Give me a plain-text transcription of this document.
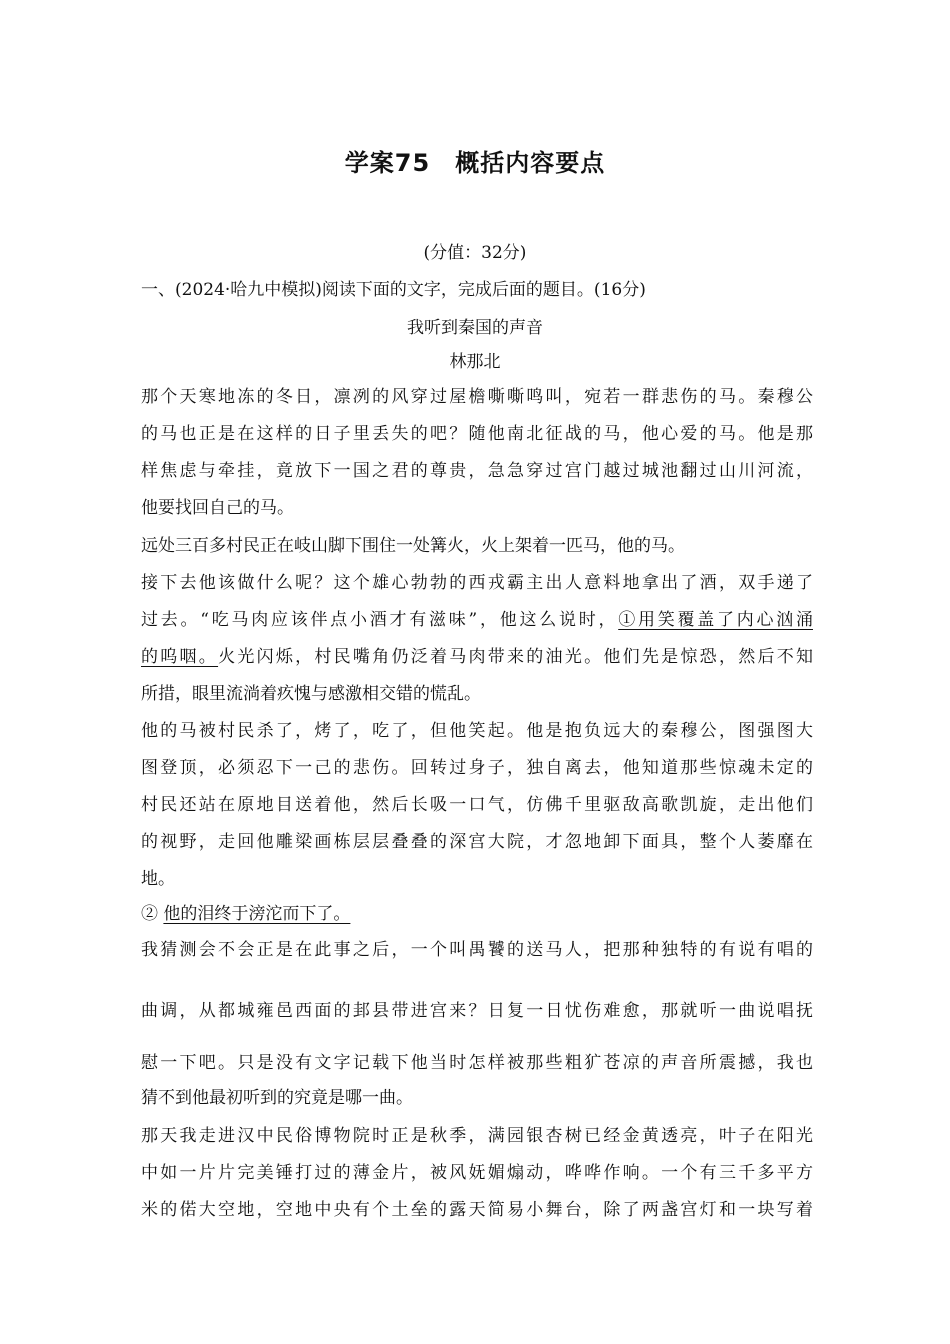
学案75　概括内容要点
(分值：32分)
一、(2024·哈九中模拟)阅读下面的文字，完成后面的题目。(16分)
我听到秦国的声音
林那北
那个天寒地冻的冬日，凛冽的风穿过屋檐嘶嘶鸣叫，宛若一群悲伤的马。秦穆公
的马也正是在这样的日子里丢失的吧？随他南北征战的马，他心爱的马。他是那
样焦虑与牵挂，竟放下一国之君的尊贵，急急穿过宫门越过城池翻过山川河流，
他要找回自己的马。
远处三百多村民正在岐山脚下围住一处篝火，火上架着一匹马，他的马。
接下去他该做什么呢？这个雄心勃勃的西戎霸主出人意料地拿出了酒，双手递了
过去。“吃马肉应该伴点小酒才有滋味”，他这么说时，①用笑覆盖了内心汹涌
的呜咽。火光闪烁，村民嘴角仍泛着马肉带来的油光。他们先是惊恐，然后不知
所措，眼里流淌着疚愧与感激相交错的慌乱。
他的马被村民杀了，烤了，吃了，但他笑起。他是抱负远大的秦穆公，图强图大
图登顶，必须忍下一己的悲伤。回转过身子，独自离去，他知道那些惊魂未定的
村民还站在原地目送着他，然后长吸一口气，仿佛千里驱敌高歌凯旋，走出他们
的视野，走回他雕梁画栋层层叠叠的深宫大院，才忽地卸下面具，整个人萎靡在
地。
② 他的泪终于滂沱而下了。
我猜测会不会正是在此事之后，一个叫禺饕的送马人，把那种独特的有说有唱的
曲调，从都城雍邑西面的邽县带进宫来？日复一日忧伤难愈，那就听一曲说唱抚
慰一下吧。只是没有文字记载下他当时怎样被那些粗犷苍凉的声音所震撼，我也
猜不到他最初听到的究竟是哪一曲。
那天我走进汉中民俗博物院时正是秋季，满园银杏树已经金黄透亮，叶子在阳光
中如一片片完美锤打过的薄金片，被风妩媚煽动，哗哗作响。一个有三千多平方
米的偌大空地，空地中央有个土垒的露天简易小舞台，除了两盏宫灯和一块写着
